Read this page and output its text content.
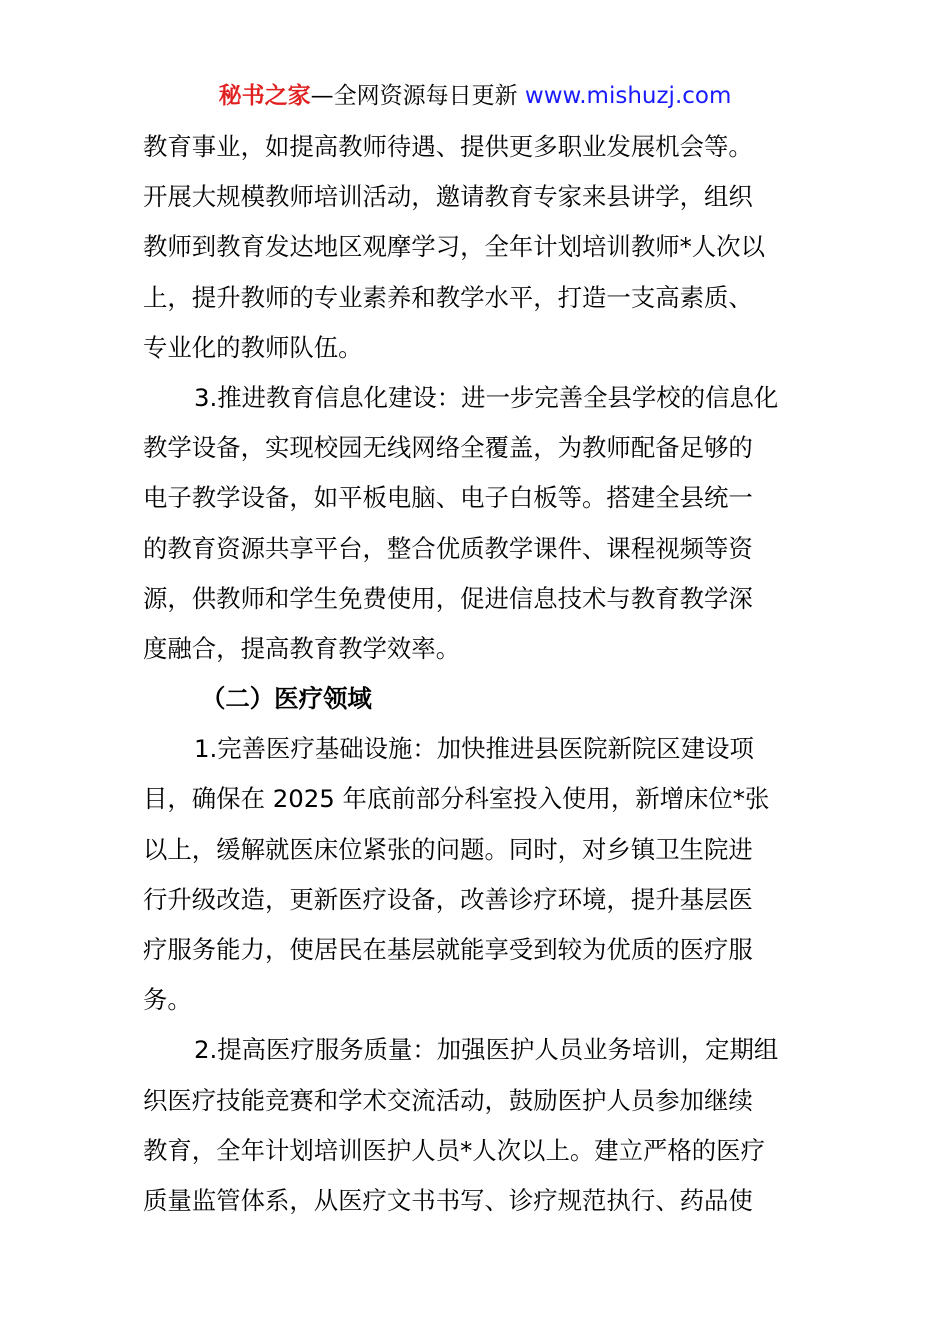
秘书之家—全网资源每日更新 www.mishuzj.com
教育事业，如提高教师待遇、提供更多职业发展机会等。
开展大规模教师培训活动，邀请教育专家来县讲学，组织
教师到教育发达地区观摩学习，全年计划培训教师*人次以
上，提升教师的专业素养和教学水平，打造一支高素质、
专业化的教师队伍。
3.推进教育信息化建设：进一步完善全县学校的信息化
教学设备，实现校园无线网络全覆盖，为教师配备足够的
电子教学设备，如平板电脑、电子白板等。搭建全县统一
的教育资源共享平台，整合优质教学课件、课程视频等资
源，供教师和学生免费使用，促进信息技术与教育教学深
度融合，提高教育教学效率。
（二）医疗领域
1.完善医疗基础设施：加快推进县医院新院区建设项
目，确保在 2025 年底前部分科室投入使用，新增床位*张
以上，缓解就医床位紧张的问题。同时，对乡镇卫生院进
行升级改造，更新医疗设备，改善诊疗环境，提升基层医
疗服务能力，使居民在基层就能享受到较为优质的医疗服
务。
2.提高医疗服务质量：加强医护人员业务培训，定期组
织医疗技能竞赛和学术交流活动，鼓励医护人员参加继续
教育，全年计划培训医护人员*人次以上。建立严格的医疗
质量监管体系，从医疗文书书写、诊疗规范执行、药品使
